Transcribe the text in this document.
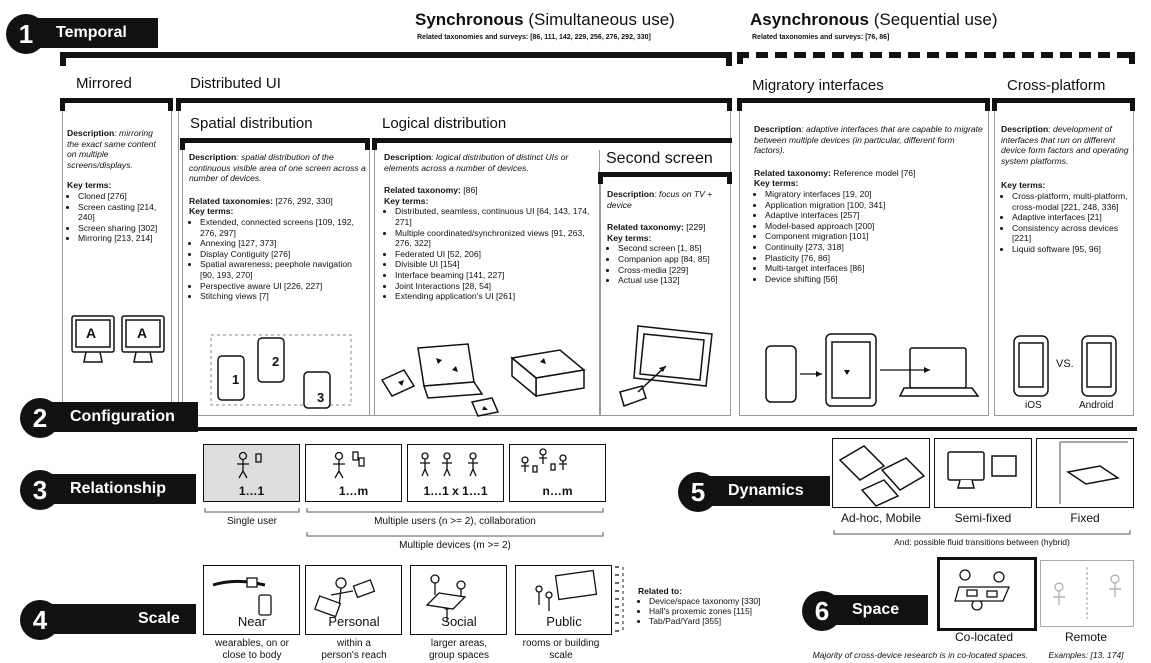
1	Temporal
Synchronous (Simultaneous use)
Related taxonomies and surveys: [86, 111, 142, 229, 256, 276, 292, 330]
Asynchronous (Sequential use)
Related taxonomies and surveys: [76, 86]
Mirrored

Description: mirroring the exact same content on multiple screens/displays.

Key terms:

• Cloned [276]
• Screen casting [214, 240]
• Screen sharing [302]
• Mirroring [213, 214]
A	A
Distributed UI
Spatial distribution

Description: spatial distribution of the continuous visible area of one screen across a number of devices.

Related taxonomies: [276, 292, 330]

Key terms:

• Extended, connected screens [109, 192, 276, 297]
• Annexing [127, 373]
• Display Contiguity [276]
• Spatial awareness; peephole navigation [90, 193, 270]
• Perspective aware UI [226, 227]
• Stitching views [7]
1
2
3
Logical distribution

Description: logical distribution of distinct UIs or elements across a number of devices.

Related taxonomy: [86]

Key terms:

• Distributed, seamless, continuous UI [64, 143, 174, 271]
• Multiple coordinated/synchronized views [91, 263, 276, 322]
• Federated UI [52, 206]
• Divisible UI [154]
• Interface beaming [141, 227]
• Joint Interactions [28, 54]
• Extending application's UI [261]
Second screen

Description: focus on TV + device

Related taxonomy: [229]

Key terms:

• Second screen [1, 85]
• Companion app [84, 85]
• Cross-media [229]
• Actual use [132]
Migratory interfaces

Description: adaptive interfaces that are capable to migrate between multiple devices (in particular, different form factors).

Related taxonomy: Reference model [76]

Key terms:

• Migratory interfaces [19, 20]
• Application migration [100, 341]
• Adaptive interfaces [257]
• Model-based approach [200]
• Component migration [101]
• Continuity [273, 318]
• Plasticity [76, 86]
• Multi-target interfaces [86]
• Device shifting [56]
Cross-platform

Description: development of interfaces that run on different device form factors and operating system platforms.

Key terms:

• Cross-platform, multi-platform, cross-modal [221, 248, 336]
• Adaptive interfaces [21]
• Consistency across devices [221]
• Liquid software [95, 96]
VS.
iOS	Android
2	Configuration
3	Relationship	1…1	1…m	1…1 x 1…1	n…m
Single user	Multiple users (n >= 2), collaboration
Multiple devices (m >= 2)
5	Dynamics
Ad-hoc, Mobile	Semi-fixed	Fixed
And: possible fluid transitions between (hybrid)
4	Scale	Near	Personal	Social	Public
wearables, on or
close to body
within a
person's reach
larger areas,
group spaces
rooms or building
scale

Related to:

• Device/space taxonomy [330]
• Hall's proxemic zones [115]
• Tab/Pad/Yard [355]	6	Space
Co-located	Remote
Majority of cross-device research is in co-located spaces.	Examples: [13, 174]
